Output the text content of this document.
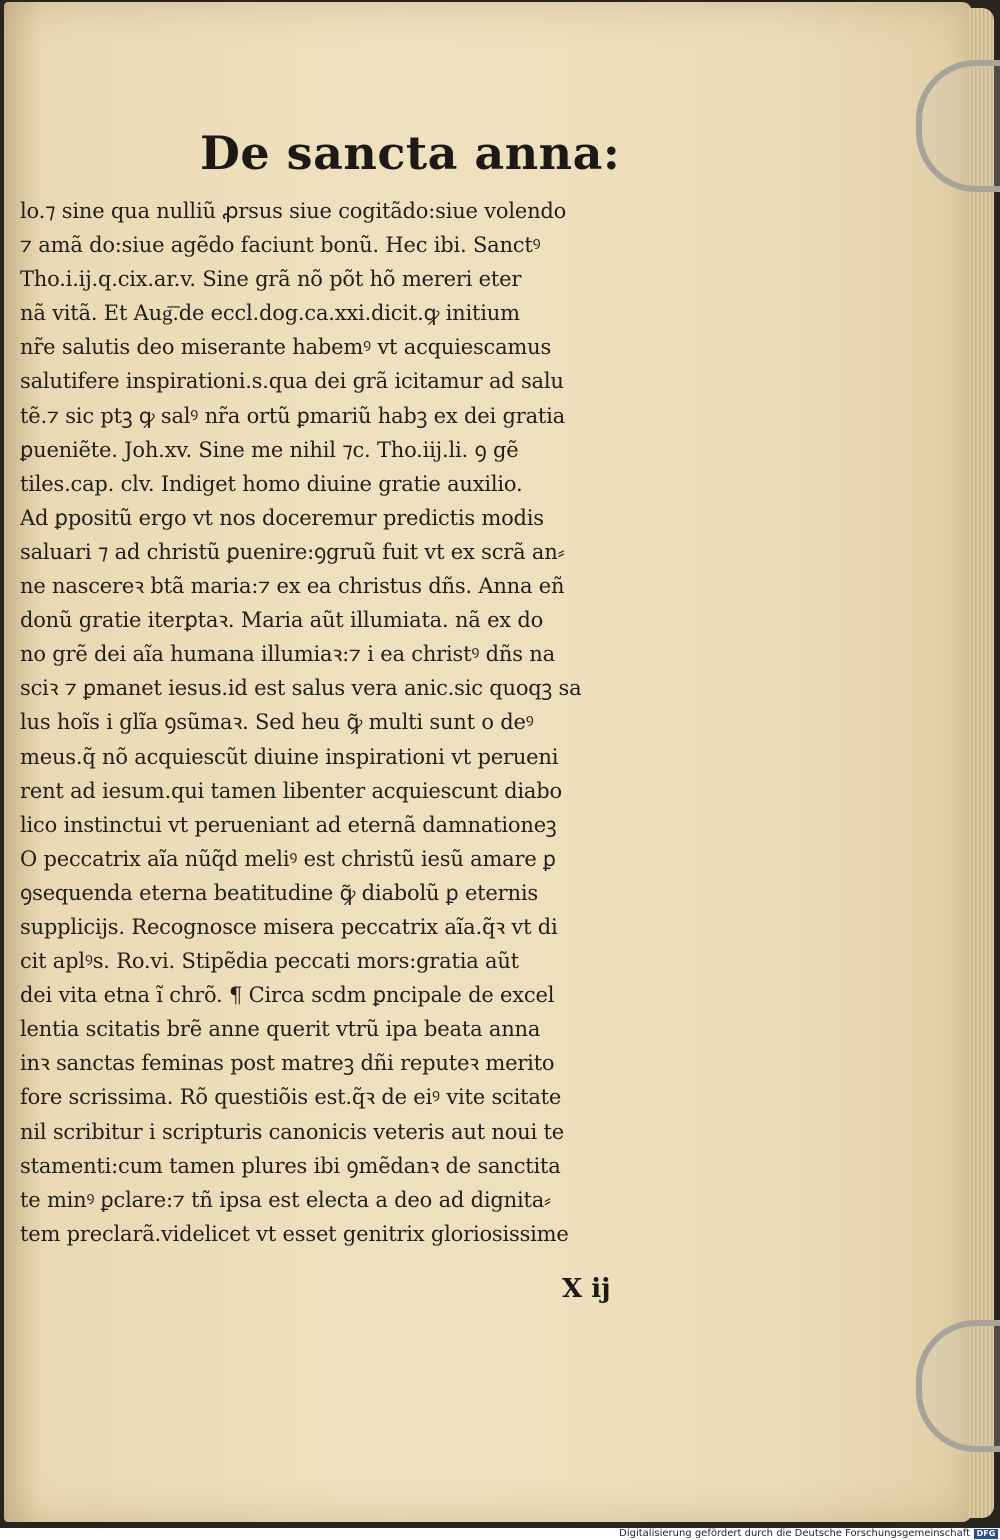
De sancta anna:
lo.⁊ sine qua nulliũ ꝓrsus siue cogitãdo:siue volendo
⁊ amã do:siue agẽdo faciunt bonũ. Hec ibi. Sanctꝰ
Tho.i.ij.q.cix.ar.v. Sine grã nõ põt hõ mereri eter
nã vitã. Et Aug͞.de eccl.dog.ca.xxi.dicit.ꝙ initium
nr̃e salutis deo miserante habemꝰ vt acquiescamus
salutifere inspirationi.s.qua dei grã icitamur ad salu
tẽ.⁊ sic ptꝫ ꝙ salꝰ nr̃a ortũ ꝑmariũ habꝫ ex dei gratia
ꝑueniẽte. Joh.xv. Sine me nihil ⁊c. Tho.iij.li. ꝯ gẽ
tiles.cap. clv. Indiget homo diuine gratie auxilio.
Ad ꝑpositũ ergo vt nos doceremur predictis modis
saluari ⁊ ad christũ ꝑuenire:ꝯgruũ fuit vt ex scrã an⸗
ne nascereꝛ btã maria:⁊ ex ea christus dñs. Anna eñ
donũ gratie iterꝑtaꝛ. Maria aũt illumiata. nã ex do
no grẽ dei aĩa humana illumiaꝛ:⁊ i ea christꝰ dñs na
sciꝛ ⁊ ꝑmanet iesus.id est salus vera anic.sic quoqꝫ sa
lus hoĩs i glĩa ꝯsũmaꝛ. Sed heu ꝙ̃ multi sunt o deꝰ
meus.q̃ nõ acquiescũt diuine inspirationi vt perueni
rent ad iesum.qui tamen libenter acquiescunt diabo
lico instinctui vt perueniant ad eternã damnationeꝫ
O peccatrix aĩa nũq̃d meliꝰ est christũ iesũ amare ꝑ
ꝯsequenda eterna beatitudine ꝙ̃ diabolũ ꝑ eternis
supplicijs. Recognosce misera peccatrix aĩa.q̃ꝛ vt di
cit aplꝰs. Ro.vi. Stipẽdia peccati mors:gratia aũt
dei vita etna ĩ chrõ. ¶ Circa scdm ꝑncipale de excel
lentia scitatis brẽ anne querit vtrũ ipa beata anna
inꝛ sanctas feminas post matreꝫ dñi reputeꝛ merito
fore scrissima. Rõ questiõis est.q̃ꝛ de eiꝰ vite scitate
nil scribitur i scripturis canonicis veteris aut noui te
stamenti:cum tamen plures ibi ꝯmẽdanꝛ de sanctita
te minꝰ ꝑclare:⁊ tñ ipsa est electa a deo ad dignita⸗
tem preclarã.videlicet vt esset genitrix gloriosissime
X ij
Digitalisierung gefördert durch die Deutsche Forschungsgemeinschaft DFG
